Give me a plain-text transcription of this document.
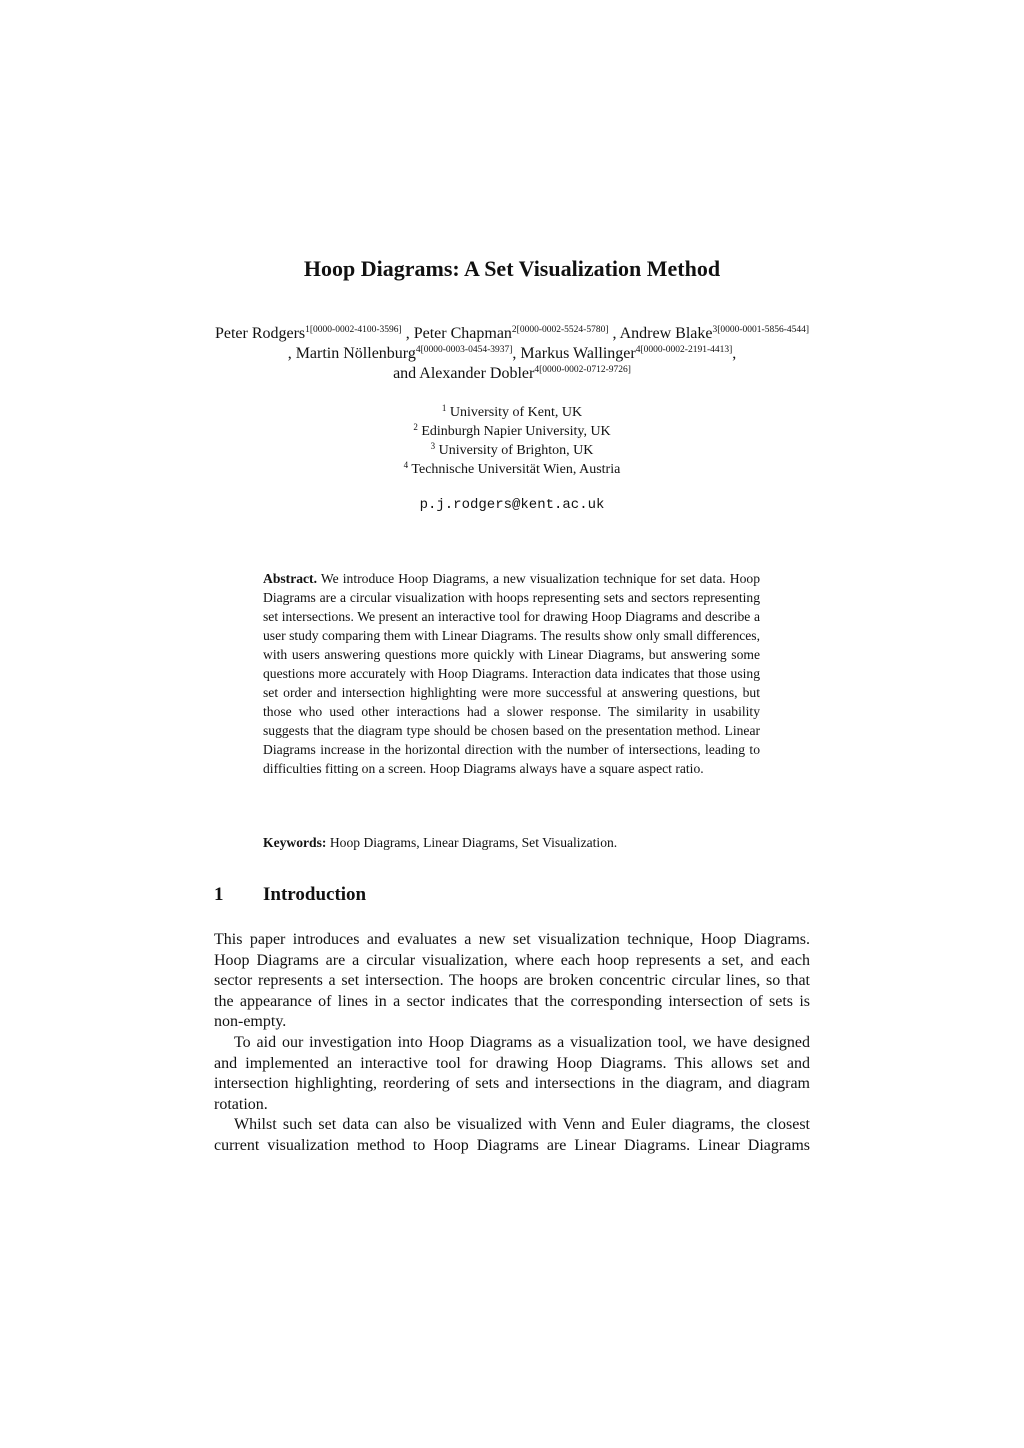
Hoop Diagrams: A Set Visualization Method
Peter Rodgers$^{1[0000-0002-4100-3596]}$ , Peter Chapman$^{2[0000-0002-5524-5780]}$ , Andrew Blake$^{3[0000-0001-5856-4544]}$ , Martin Nöllenburg$^{4[0000-0003-0454-3937]}$, Markus Wallinger$^{4[0000-0002-2191-4413]}$,
and Alexander Dobler$^{4[0000-0002-0712-9726]}$
$^1$ University of Kent, UK
$^2$ Edinburgh Napier University, UK
$^3$ University of Brighton, UK
$^4$ Technische Universität Wien, Austria
p.j.rodgers@kent.ac.uk

Abstract. We introduce Hoop Diagrams, a new visualization technique for set data. Hoop Diagrams are a circular visualization with hoops representing sets and sectors representing set intersections. We present an interactive tool for drawing Hoop Diagrams and describe a user study comparing them with Linear Diagrams. The results show only small differences, with users answering questions more quickly with Linear Diagrams, but answering some questions more accurately with Hoop Diagrams. Interaction data indicates that those using set order and intersection highlighting were more successful at answering questions, but those who used other interactions had a slower response. The similarity in usability suggests that the diagram type should be chosen based on the presentation method. Linear Diagrams increase in the horizontal direction with the number of intersections, leading to difficulties fitting on a screen. Hoop Diagrams always have a square aspect ratio.

Keywords: Hoop Diagrams, Linear Diagrams, Set Visualization.

1 Introduction

This paper introduces and evaluates a new set visualization technique, Hoop Diagrams. Hoop Diagrams are a circular visualization, where each hoop represents a set, and each sector represents a set intersection. The hoops are broken concentric circular lines, so that the appearance of lines in a sector indicates that the corresponding intersection of sets is non-empty.

To aid our investigation into Hoop Diagrams as a visualization tool, we have designed and implemented an interactive tool for drawing Hoop Diagrams. This allows set and intersection highlighting, reordering of sets and intersections in the diagram, and diagram rotation.

Whilst such set data can also be visualized with Venn and Euler diagrams, the closest current visualization method to Hoop Diagrams are Linear Diagrams. Linear Diagrams
